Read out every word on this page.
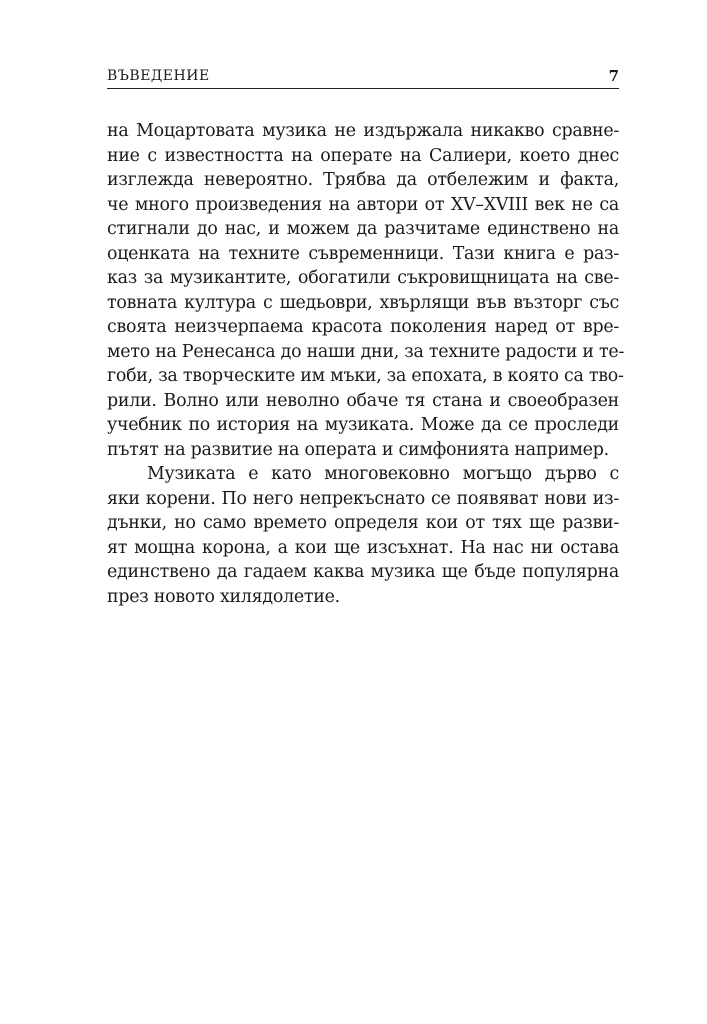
ВЪВЕДЕНИЕ	7
на Моцартовата музика не издържала никакво сравне-
ние с известността на операте на Салиери, което днес
изглежда невероятно. Трябва да отбележим и факта,
че много произведения на автори от XV–XVIII век не са
стигнали до нас, и можем да разчитаме единствено на
оценката на техните съвременници. Тази книга е раз-
каз за музикантите, обогатили съкровищницата на све-
товната култура с шедьоври, хвърлящи във възторг със
своята неизчерпаема красота поколения наред от вре-
мето на Ренесанса до наши дни, за техните радости и те-
гоби, за творческите им мъки, за епохата, в която са тво-
рили. Волно или неволно обаче тя стана и своеобразен
учебник по история на музиката. Може да се проследи
пътят на развитие на операта и симфонията например.
Музиката е като многовековно могъщо дърво с
яки корени. По него непрекъснато се появяват нови из-
дънки, но само времето определя кои от тях ще разви-
ят мощна корона, а кои ще изсъхнат. На нас ни остава
единствено да гадаем каква музика ще бъде популярна
през новото хилядолетие.
